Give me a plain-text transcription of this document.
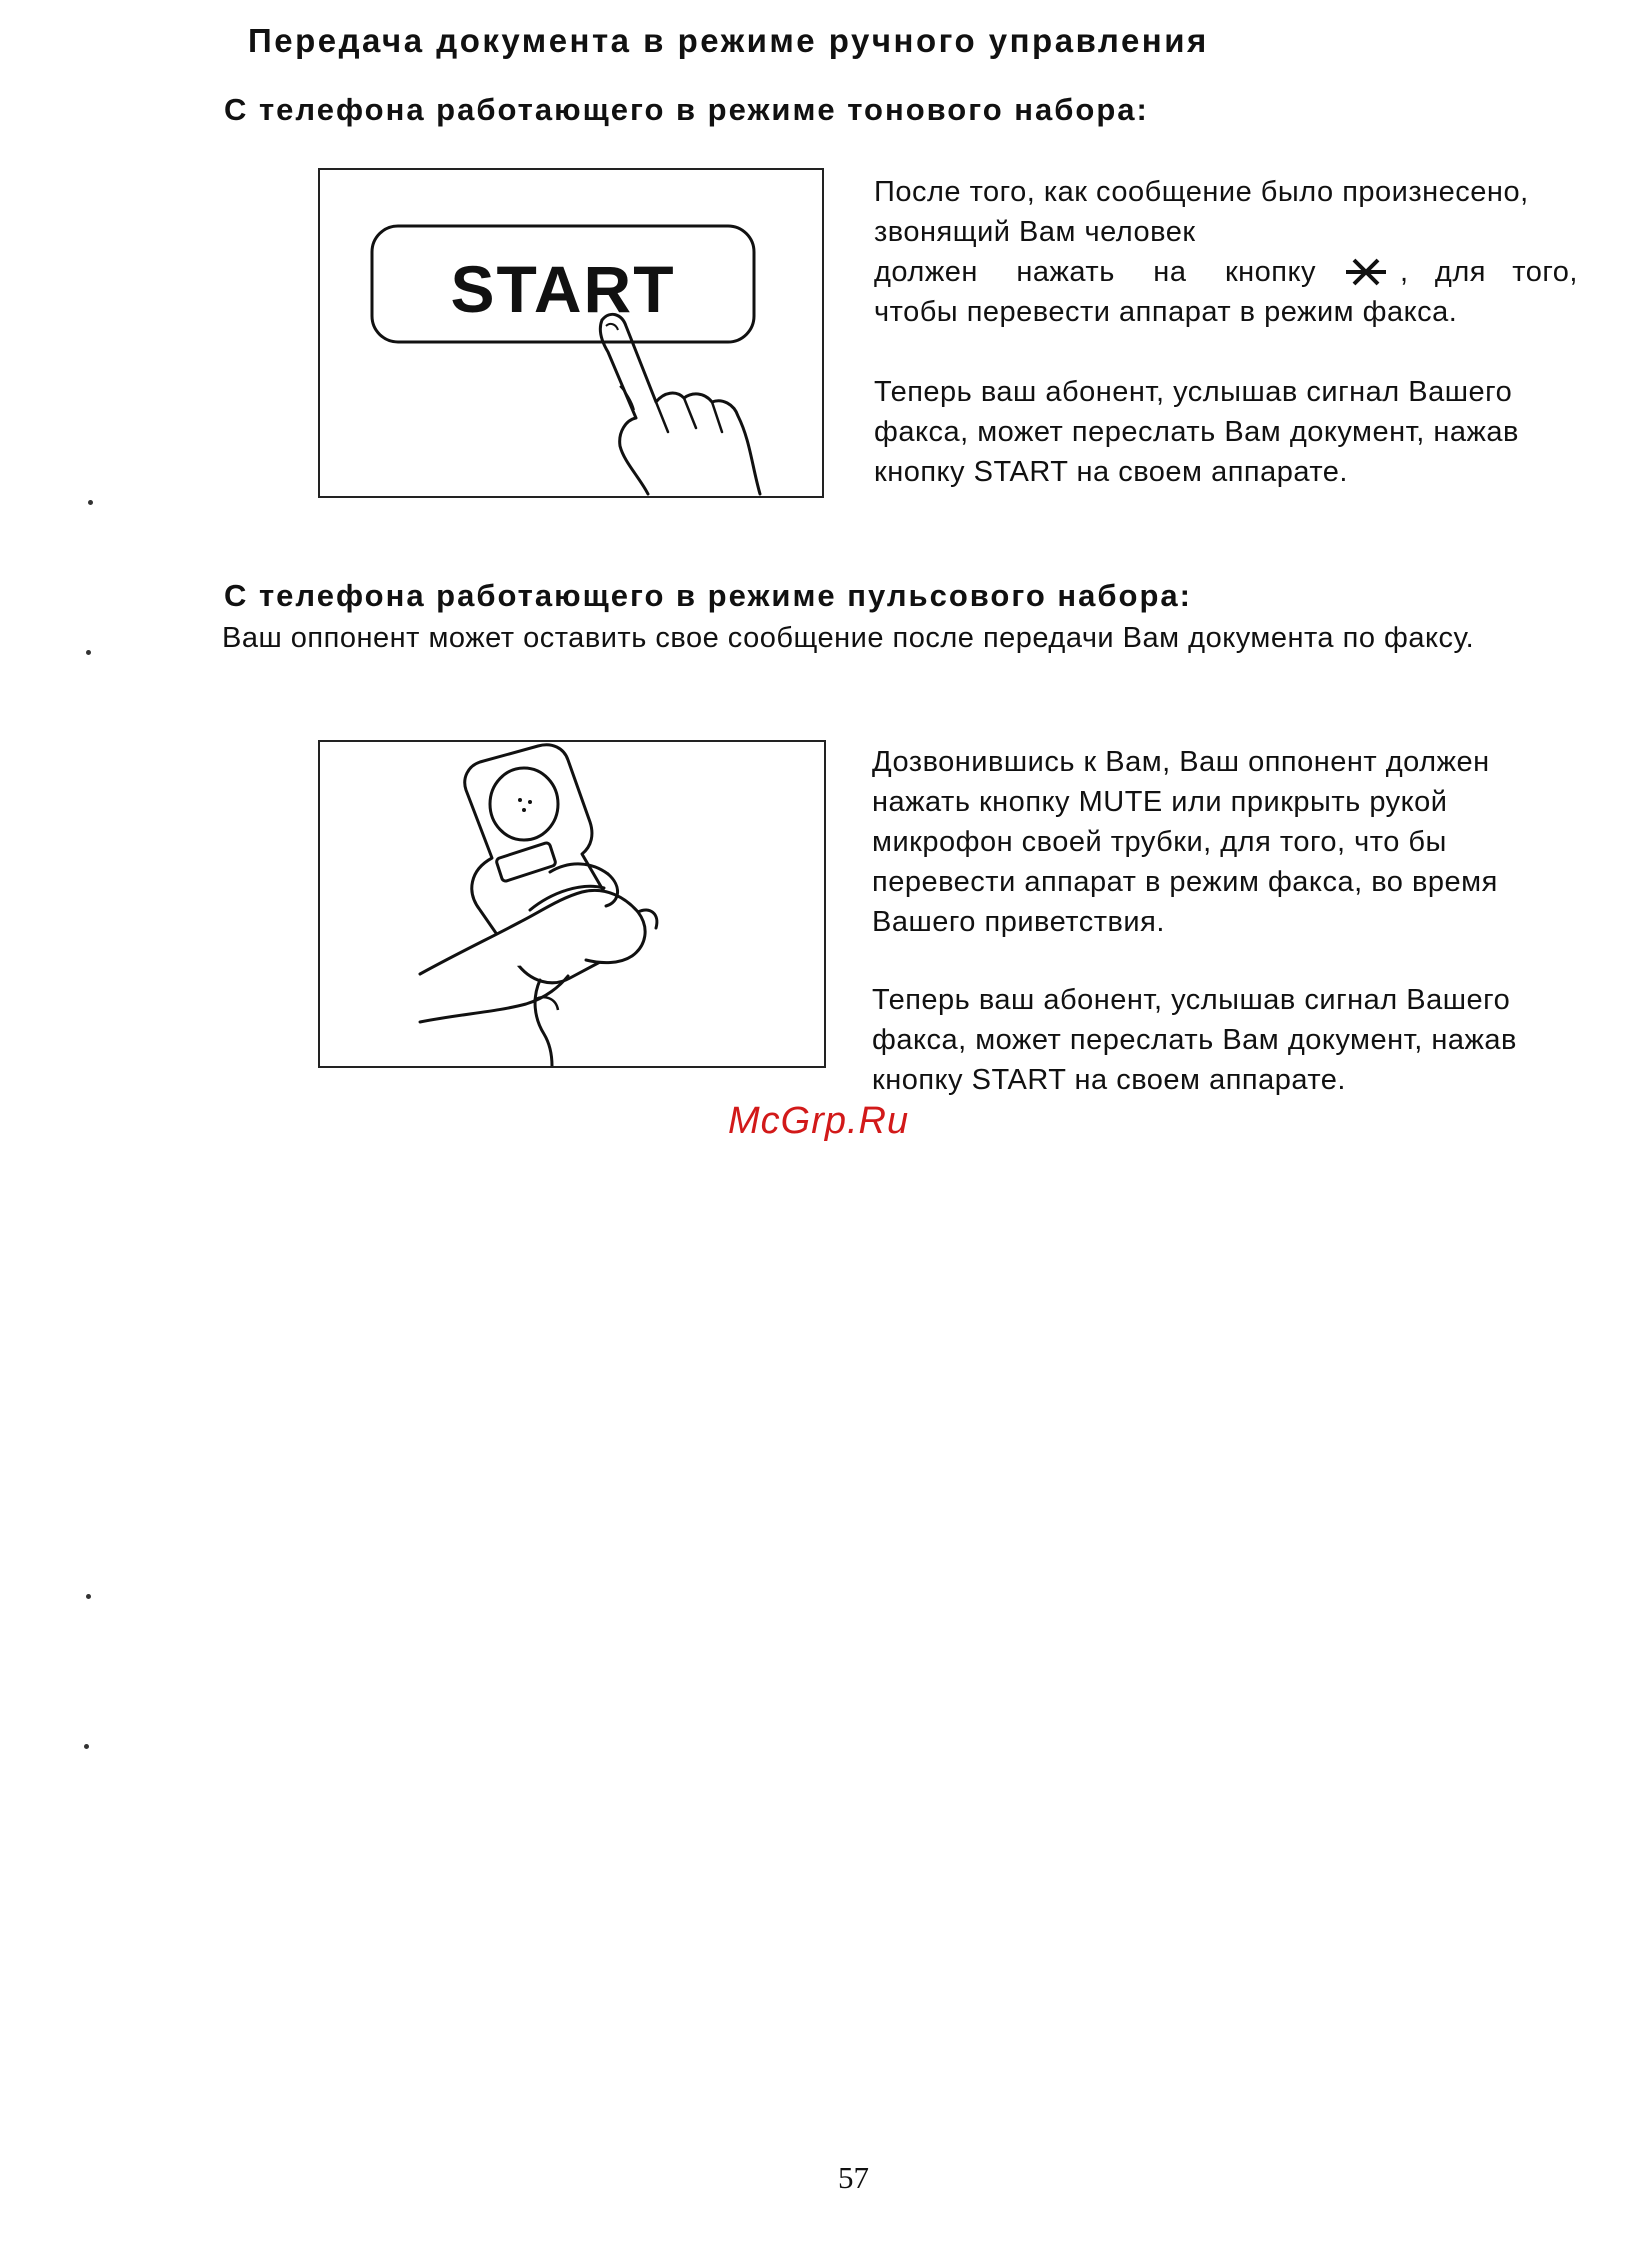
Передача документа в режиме ручного управления
С телефона работающего в режиме тонового набора:
START
После того, как сообщение было произнесено, звонящий Вам человек
должен нажать на кнопку	, для того,
чтобы перевести аппарат в режим факса.
Теперь ваш абонент, услышав сигнал Вашего факса, может переслать Вам документ, нажав кнопку START на своем аппарате.
С телефона работающего в режиме пульсового набора:
Ваш оппонент может оставить свое сообщение после передачи Вам документа по факсу.
Дозвонившись к Вам, Ваш оппонент должен нажать кнопку MUTE или прикрыть рукой микрофон своей трубки, для того, что бы перевести аппарат в режим факса, во время Вашего приветствия.
Теперь ваш абонент, услышав сигнал Вашего факса, может переслать Вам документ, нажав кнопку START на своем аппарате.
McGrp.Ru
57
